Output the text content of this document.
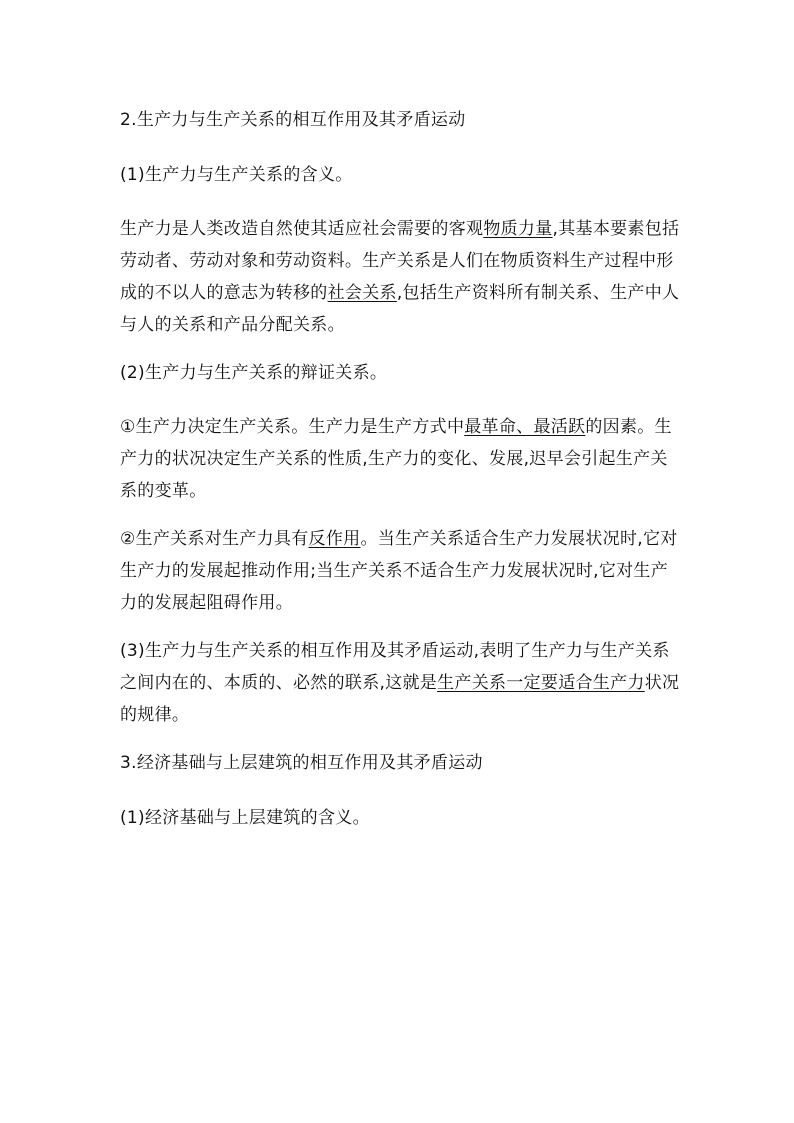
2.生产力与生产关系的相互作用及其矛盾运动

(1)生产力与生产关系的含义。

生产力是人类改造自然使其适应社会需要的客观物质力量,其基本要素包括劳动者、劳动对象和劳动资料。生产关系是人们在物质资料生产过程中形成的不以人的意志为转移的社会关系,包括生产资料所有制关系、生产中人与人的关系和产品分配关系。

(2)生产力与生产关系的辩证关系。

①生产力决定生产关系。生产力是生产方式中最革命、最活跃的因素。生产力的状况决定生产关系的性质,生产力的变化、发展,迟早会引起生产关系的变革。

②生产关系对生产力具有反作用。当生产关系适合生产力发展状况时,它对生产力的发展起推动作用;当生产关系不适合生产力发展状况时,它对生产力的发展起阻碍作用。

(3)生产力与生产关系的相互作用及其矛盾运动,表明了生产力与生产关系之间内在的、本质的、必然的联系,这就是生产关系一定要适合生产力状况的规律。

3.经济基础与上层建筑的相互作用及其矛盾运动

(1)经济基础与上层建筑的含义。
